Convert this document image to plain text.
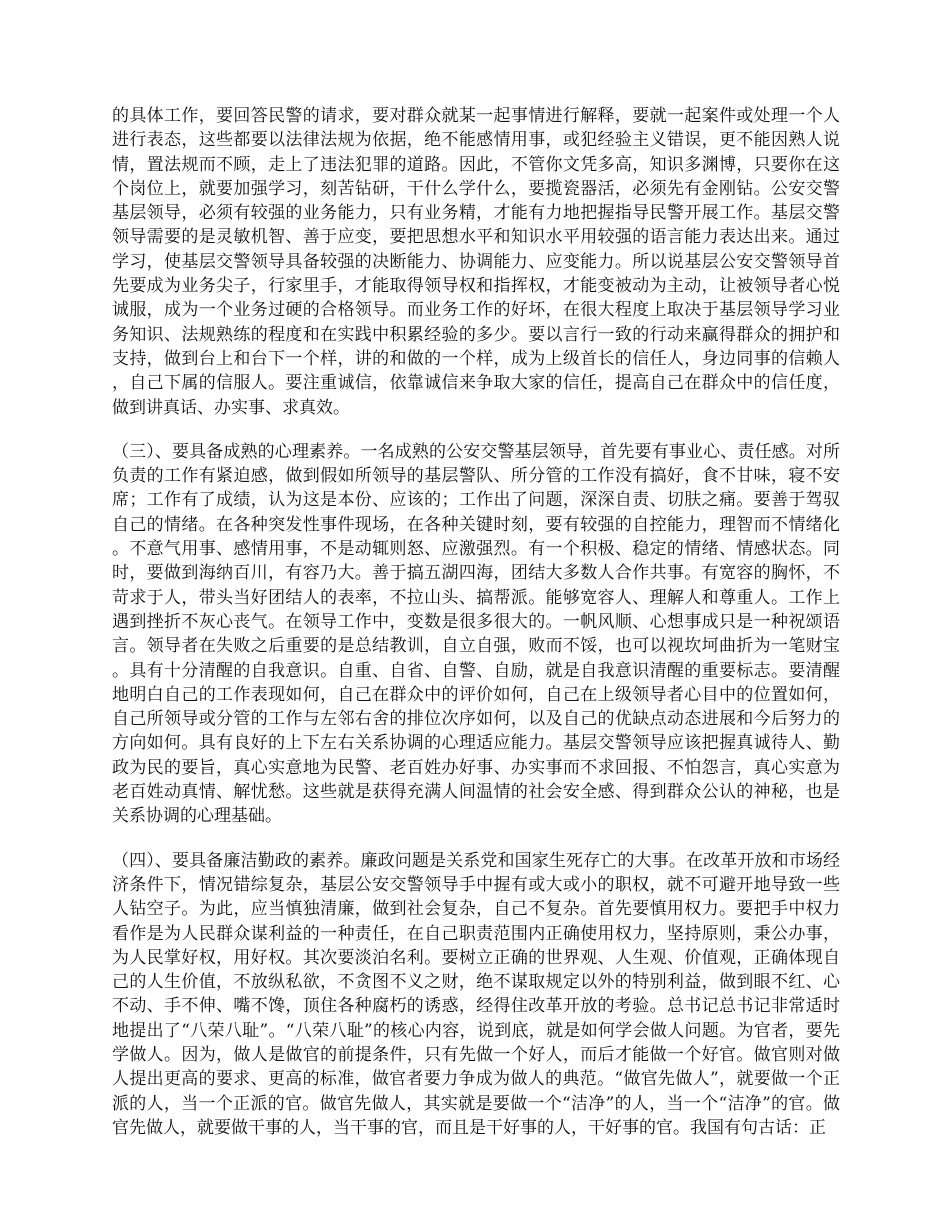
的具体工作，要回答民警的请求，要对群众就某一起事情进行解释，要就一起案件或处理一个人进行表态，这些都要以法律法规为依据，绝不能感情用事，或犯经验主义错误，更不能因熟人说情，置法规而不顾，走上了违法犯罪的道路。因此，不管你文凭多高，知识多渊博，只要你在这个岗位上，就要加强学习，刻苦钻研，干什么学什么，要揽瓷器活，必须先有金刚钻。公安交警基层领导，必须有较强的业务能力，只有业务精，才能有力地把握指导民警开展工作。基层交警领导需要的是灵敏机智、善于应变，要把思想水平和知识水平用较强的语言能力表达出来。通过学习，使基层交警领导具备较强的决断能力、协调能力、应变能力。所以说基层公安交警领导首先要成为业务尖子，行家里手，才能取得领导权和指挥权，才能变被动为主动，让被领导者心悦诚服，成为一个业务过硬的合格领导。而业务工作的好坏，在很大程度上取决于基层领导学习业务知识、法规熟练的程度和在实践中积累经验的多少。要以言行一致的行动来赢得群众的拥护和支持，做到台上和台下一个样，讲的和做的一个样，成为上级首长的信任人，身边同事的信赖人，自己下属的信服人。要注重诚信，依靠诚信来争取大家的信任，提高自己在群众中的信任度，做到讲真话、办实事、求真效。

（三）、要具备成熟的心理素养。一名成熟的公安交警基层领导，首先要有事业心、责任感。对所负责的工作有紧迫感，做到假如所领导的基层警队、所分管的工作没有搞好，食不甘味，寝不安席；工作有了成绩，认为这是本份、应该的；工作出了问题，深深自责、切肤之痛。要善于驾驭自己的情绪。在各种突发性事件现场，在各种关键时刻，要有较强的自控能力，理智而不情绪化。不意气用事、感情用事，不是动辄则怒、应激强烈。有一个积极、稳定的情绪、情感状态。同时，要做到海纳百川，有容乃大。善于搞五湖四海，团结大多数人合作共事。有宽容的胸怀，不苛求于人，带头当好团结人的表率，不拉山头、搞帮派。能够宽容人、理解人和尊重人。工作上遇到挫折不灰心丧气。在领导工作中，变数是很多很大的。一帆风顺、心想事成只是一种祝颂语言。领导者在失败之后重要的是总结教训，自立自强，败而不馁，也可以视坎坷曲折为一笔财宝。具有十分清醒的自我意识。自重、自省、自警、自励，就是自我意识清醒的重要标志。要清醒地明白自己的工作表现如何，自己在群众中的评价如何，自己在上级领导者心目中的位置如何，自己所领导或分管的工作与左邻右舍的排位次序如何，以及自己的优缺点动态进展和今后努力的方向如何。具有良好的上下左右关系协调的心理适应能力。基层交警领导应该把握真诚待人、勤政为民的要旨，真心实意地为民警、老百姓办好事、办实事而不求回报、不怕怨言，真心实意为老百姓动真情、解忧愁。这些就是获得充满人间温情的社会安全感、得到群众公认的神秘，也是关系协调的心理基础。

（四）、要具备廉洁勤政的素养。廉政问题是关系党和国家生死存亡的大事。在改革开放和市场经济条件下，情况错综复杂，基层公安交警领导手中握有或大或小的职权，就不可避开地导致一些人钻空子。为此，应当慎独清廉，做到社会复杂，自己不复杂。首先要慎用权力。要把手中权力看作是为人民群众谋利益的一种责任，在自己职责范围内正确使用权力，坚持原则，秉公办事，为人民掌好权，用好权。其次要淡泊名利。要树立正确的世界观、人生观、价值观，正确体现自己的人生价值，不放纵私欲，不贪图不义之财，绝不谋取规定以外的特别利益，做到眼不红、心不动、手不伸、嘴不馋，顶住各种腐朽的诱惑，经得住改革开放的考验。总书记总书记非常适时地提出了“八荣八耻”。“八荣八耻”的核心内容，说到底，就是如何学会做人问题。为官者，要先学做人。因为，做人是做官的前提条件，只有先做一个好人，而后才能做一个好官。做官则对做人提出更高的要求、更高的标准，做官者要力争成为做人的典范。“做官先做人”，就要做一个正派的人，当一个正派的官。做官先做人，其实就是要做一个“洁净”的人，当一个“洁净”的官。做官先做人，就要做干事的人，当干事的官，而且是干好事的人，干好事的官。我国有句古话：正
